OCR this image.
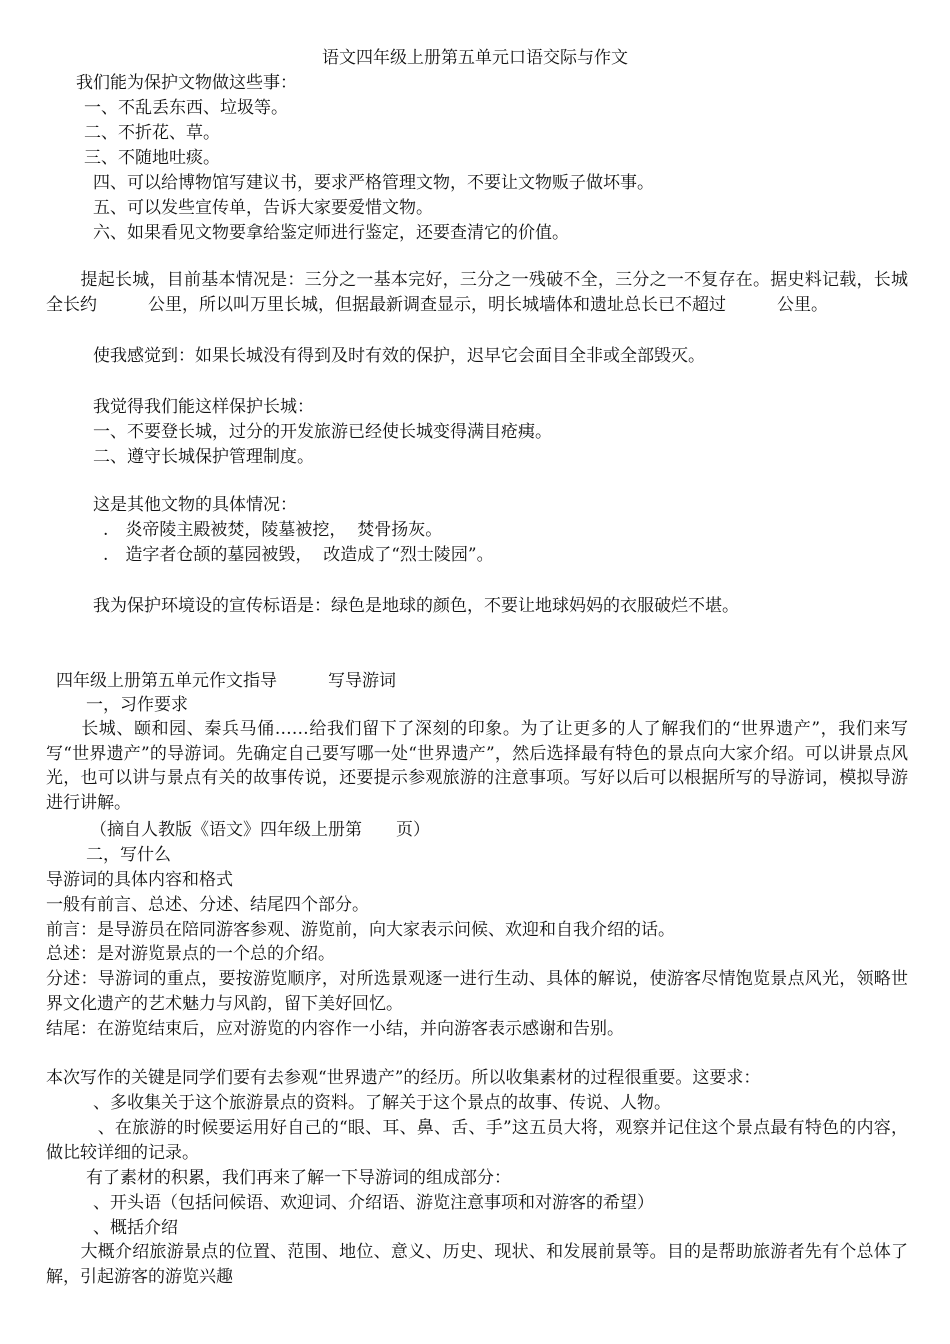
语文四年级上册第五单元口语交际与作文
我们能为保护文物做这些事：
一、不乱丢东西、垃圾等。
二、不折花、草。
三、不随地吐痰。
四、可以给博物馆写建议书，要求严格管理文物，不要让文物贩子做坏事。
五、可以发些宣传单，告诉大家要爱惜文物。
六、如果看见文物要拿给鉴定师进行鉴定，还要查清它的价值。
　　提起长城，目前基本情况是：三分之一基本完好，三分之一残破不全，三分之一不复存在。据史料记载，长城全长约　　　公里，所以叫万里长城，但据最新调查显示，明长城墙体和遗址总长已不超过　　　公里。
使我感觉到：如果长城没有得到及时有效的保护，迟早它会面目全非或全部毁灭。
我觉得我们能这样保护长城：
一、不要登长城，过分的开发旅游已经使长城变得满目疮痍。
二、遵守长城保护管理制度。
这是其他文物的具体情况：
.　炎帝陵主殿被焚，陵墓被挖，  焚骨扬灰。
.　造字者仓颉的墓园被毁，  改造成了“烈士陵园”。
我为保护环境设的宣传标语是：绿色是地球的颜色，不要让地球妈妈的衣服破烂不堪。
四年级上册第五单元作文指导　　　写导游词
一，习作要求
　　长城、颐和园、秦兵马俑……给我们留下了深刻的印象。为了让更多的人了解我们的“世界遗产”，我们来写写“世界遗产”的导游词。先确定自己要写哪一处“世界遗产”，然后选择最有特色的景点向大家介绍。可以讲景点风光，也可以讲与景点有关的故事传说，还要提示参观旅游的注意事项。写好以后可以根据所写的导游词，模拟导游进行讲解。
（摘自人教版《语文》四年级上册第　　页）
二，写什么
导游词的具体内容和格式
一般有前言、总述、分述、结尾四个部分。
前言：是导游员在陪同游客参观、游览前，向大家表示问候、欢迎和自我介绍的话。
总述：是对游览景点的一个总的介绍。
分述：导游词的重点，要按游览顺序，对所选景观逐一进行生动、具体的解说，使游客尽情饱览景点风光，领略世界文化遗产的艺术魅力与风韵，留下美好回忆。
结尾：在游览结束后，应对游览的内容作一小结，并向游客表示感谢和告别。
本次写作的关键是同学们要有去参观“世界遗产”的经历。所以收集素材的过程很重要。这要求：
、多收集关于这个旅游景点的资料。了解关于这个景点的故事、传说、人物。
　　　、在旅游的时候要运用好自己的“眼、耳、鼻、舌、手”这五员大将，观察并记住这个景点最有特色的内容，做比较详细的记录。
有了素材的积累，我们再来了解一下导游词的组成部分：
、开头语（包括问候语、欢迎词、介绍语、游览注意事项和对游客的希望）
、概括介绍
　　大概介绍旅游景点的位置、范围、地位、意义、历史、现状、和发展前景等。目的是帮助旅游者先有个总体了解，引起游客的游览兴趣
